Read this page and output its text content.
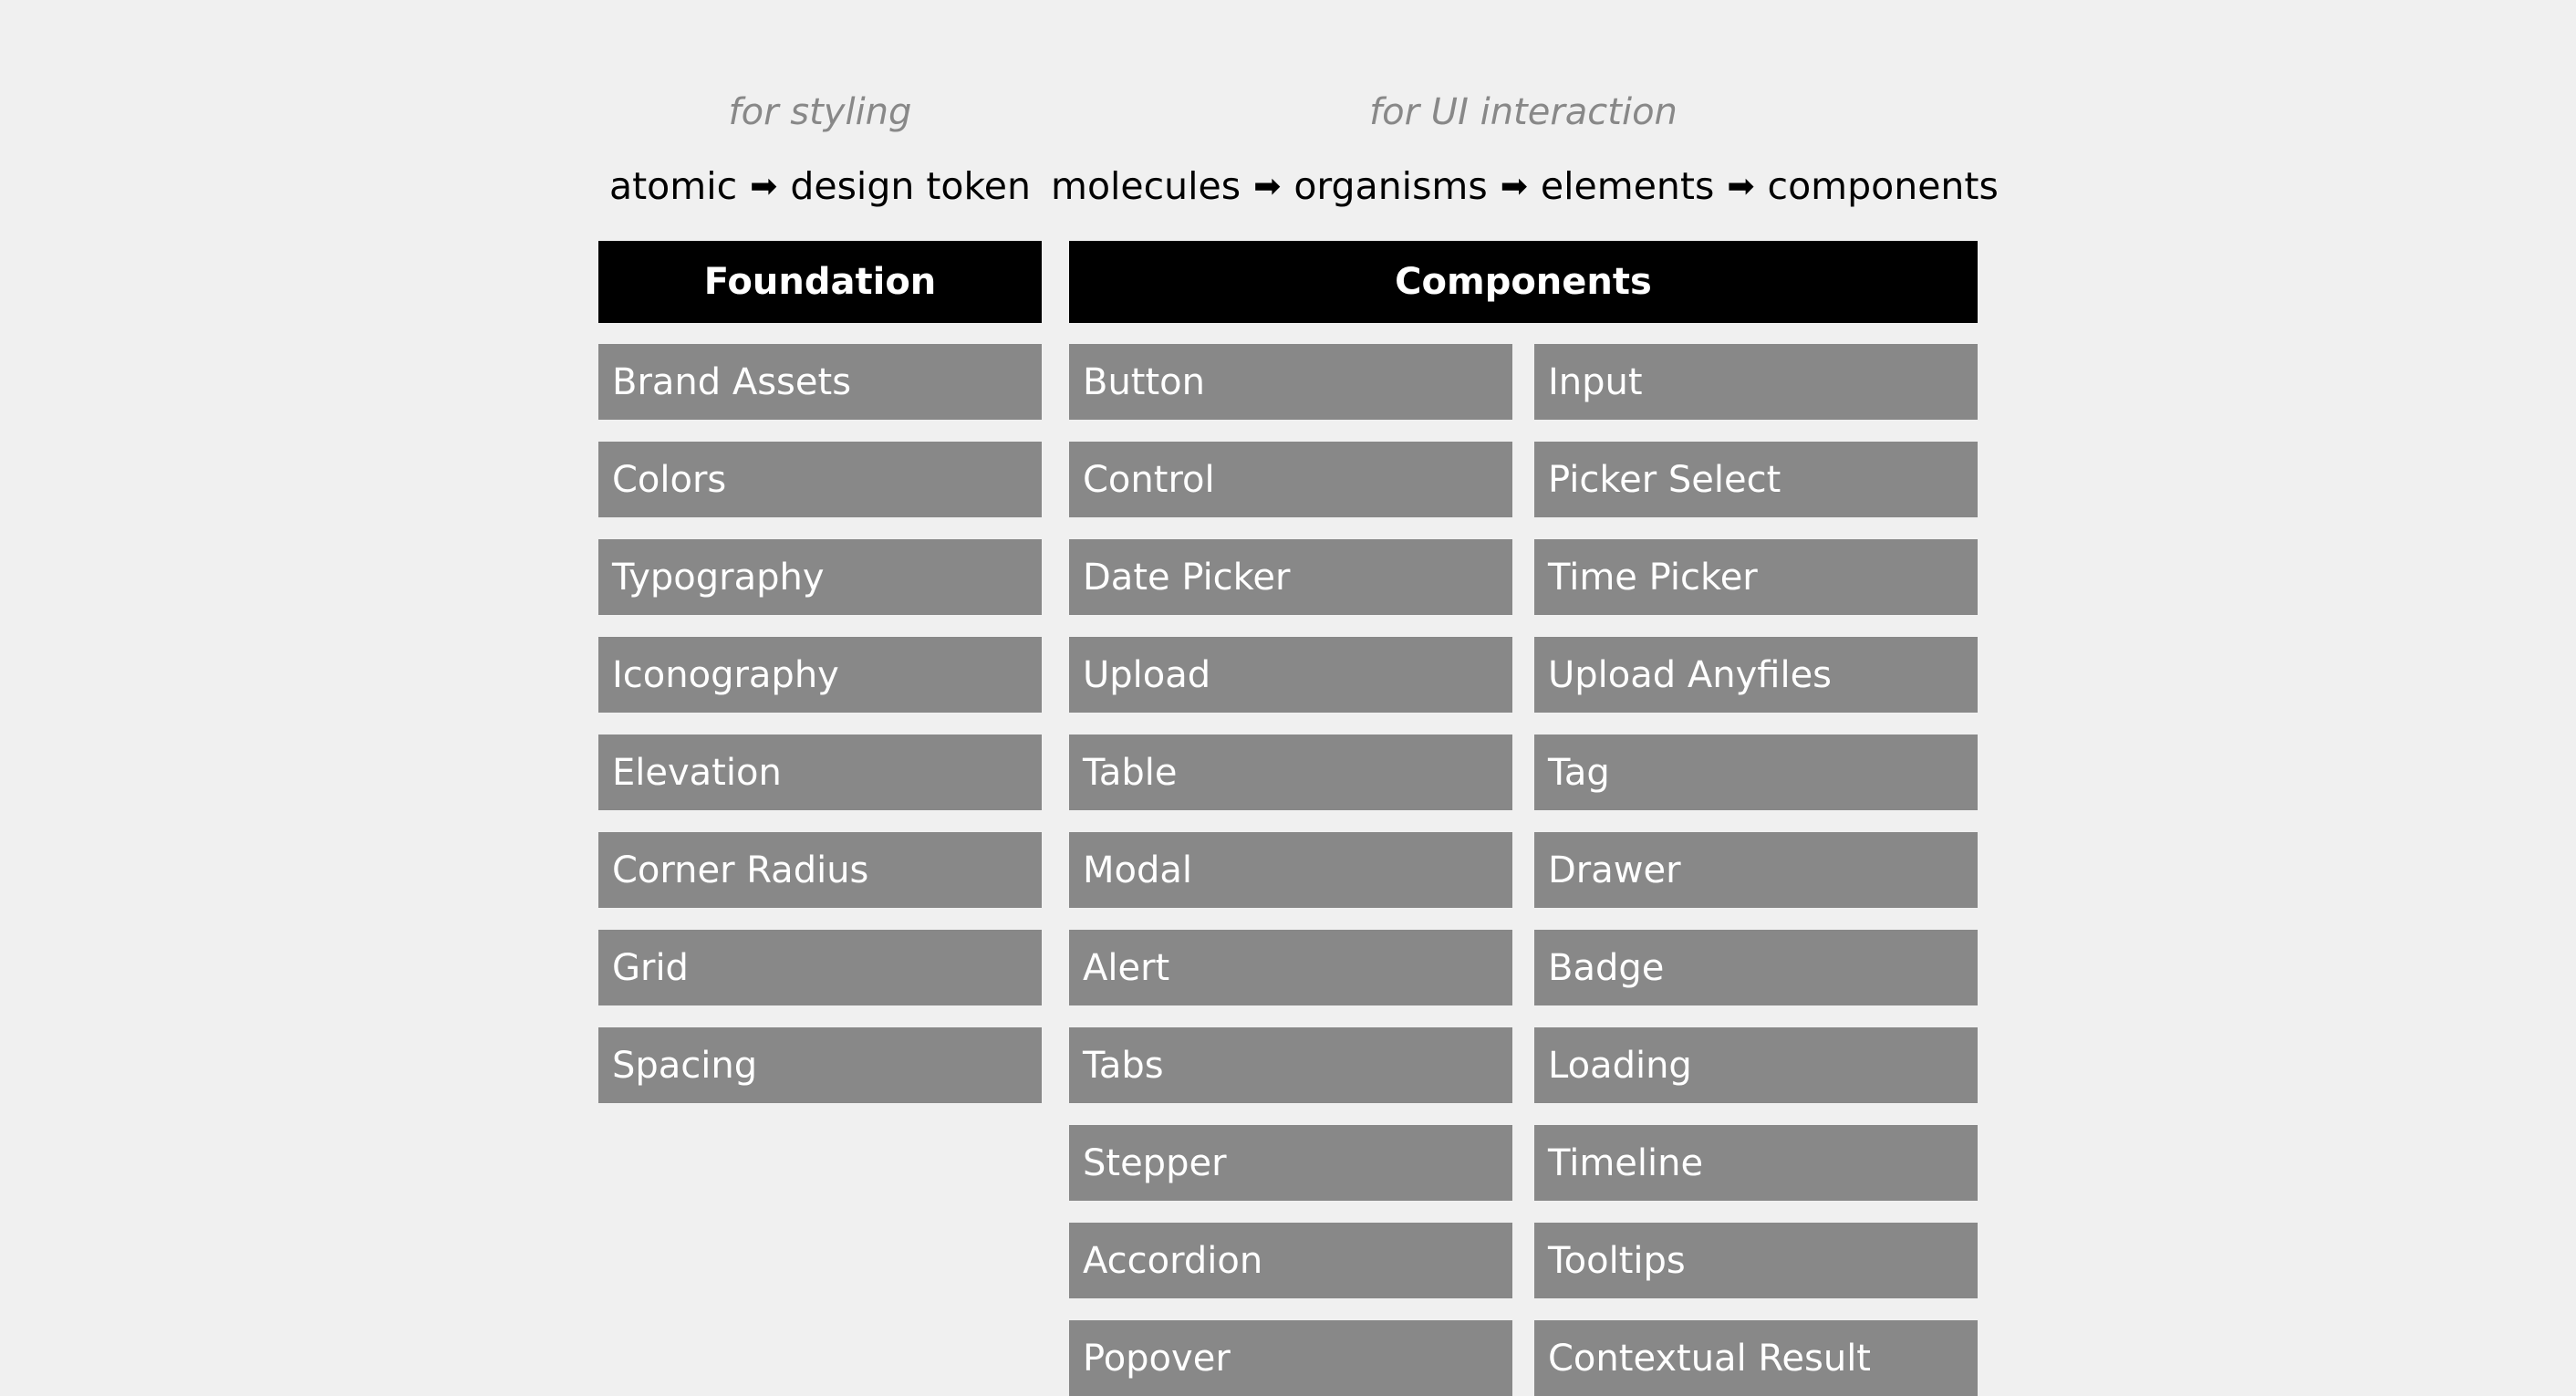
for styling
atomic ➡ design token
Foundation
Brand Assets
Colors
Typography
Iconography
Elevation
Corner Radius
Grid
Spacing
for UI interaction
molecules ➡ organisms ➡ elements ➡ components
Components
Button	Input
Control	Picker Select
Date Picker	Time Picker
Upload	Upload Anyfiles
Table	Tag
Modal	Drawer
Alert	Badge
Tabs	Loading
Stepper	Timeline
Accordion	Tooltips
Popover	Contextual Result
